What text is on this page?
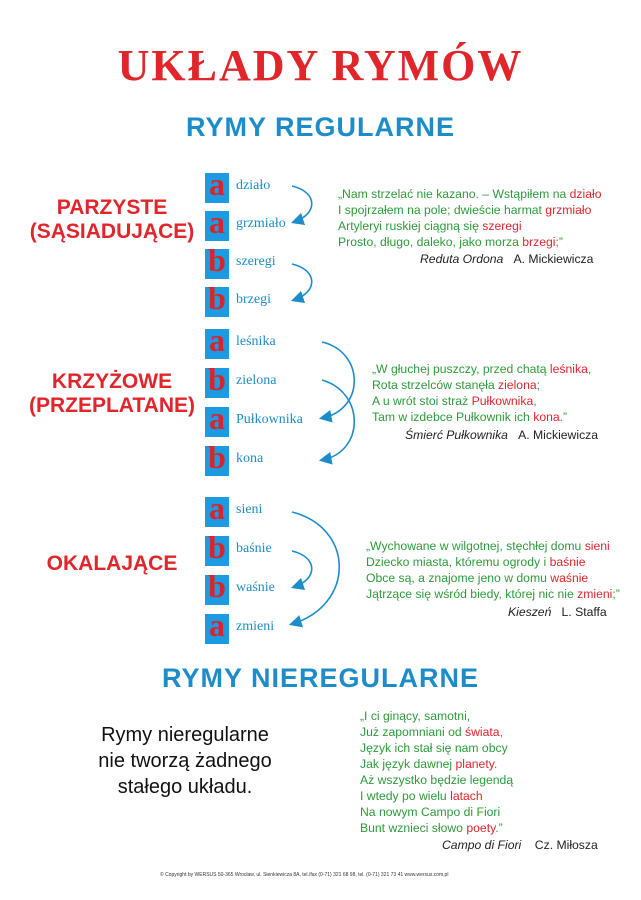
UKŁADY RYMÓW
RYMY REGULARNE
PARZYSTE
(SĄSIADUJĄCE)
KRZYŻOWE
(PRZEPLATANE)
OKALAJĄCE
a działo
a grzmiało
b szeregi
b brzegi
a leśnika
b zielona
a Pułkownika
b kona
a sieni
b baśnie
b waśnie
a zmieni
„Nam strzelać nie kazano. – Wstąpiłem na działo
I spojrzałem na pole; dwieście harmat grzmiało
Artyleryi ruskiej ciągną się szeregi
Prosto, długo, daleko, jako morza brzegi;”
Reduta Ordona A. Mickiewicza
„W głuchej puszczy, przed chatą leśnika,
Rota strzelców stanęła zielona;
A u wrót stoi straż Pułkownika,
Tam w izdebce Pułkownik ich kona.”
Śmierć Pułkownika A. Mickiewicza
„Wychowane w wilgotnej, stęchłej domu sieni
Dziecko miasta, któremu ogrody i baśnie
Obce są, a znajome jeno w domu waśnie
Jątrzące się wśród biedy, której nic nie zmieni;”
Kieszeń L. Staffa
RYMY NIEREGULARNE
Rymy nieregularne
nie tworzą żadnego
stałego układu.
„I ci ginący, samotni,
Już zapomniani od świata,
Język ich stał się nam obcy
Jak język dawnej planety.
Aż wszystko będzie legendą
I wtedy po wielu latach
Na nowym Campo di Fiori
Bunt wznieci słowo poety.”
Campo di Fiori Cz. Miłosza
© Copyright by WERSUS 50-365 Wrocław, ul. Sienkiewicza 8A, tel./fax (0-71) 321 68 98, tel. (0-71) 321 73 41 www.wersus.com.pl
